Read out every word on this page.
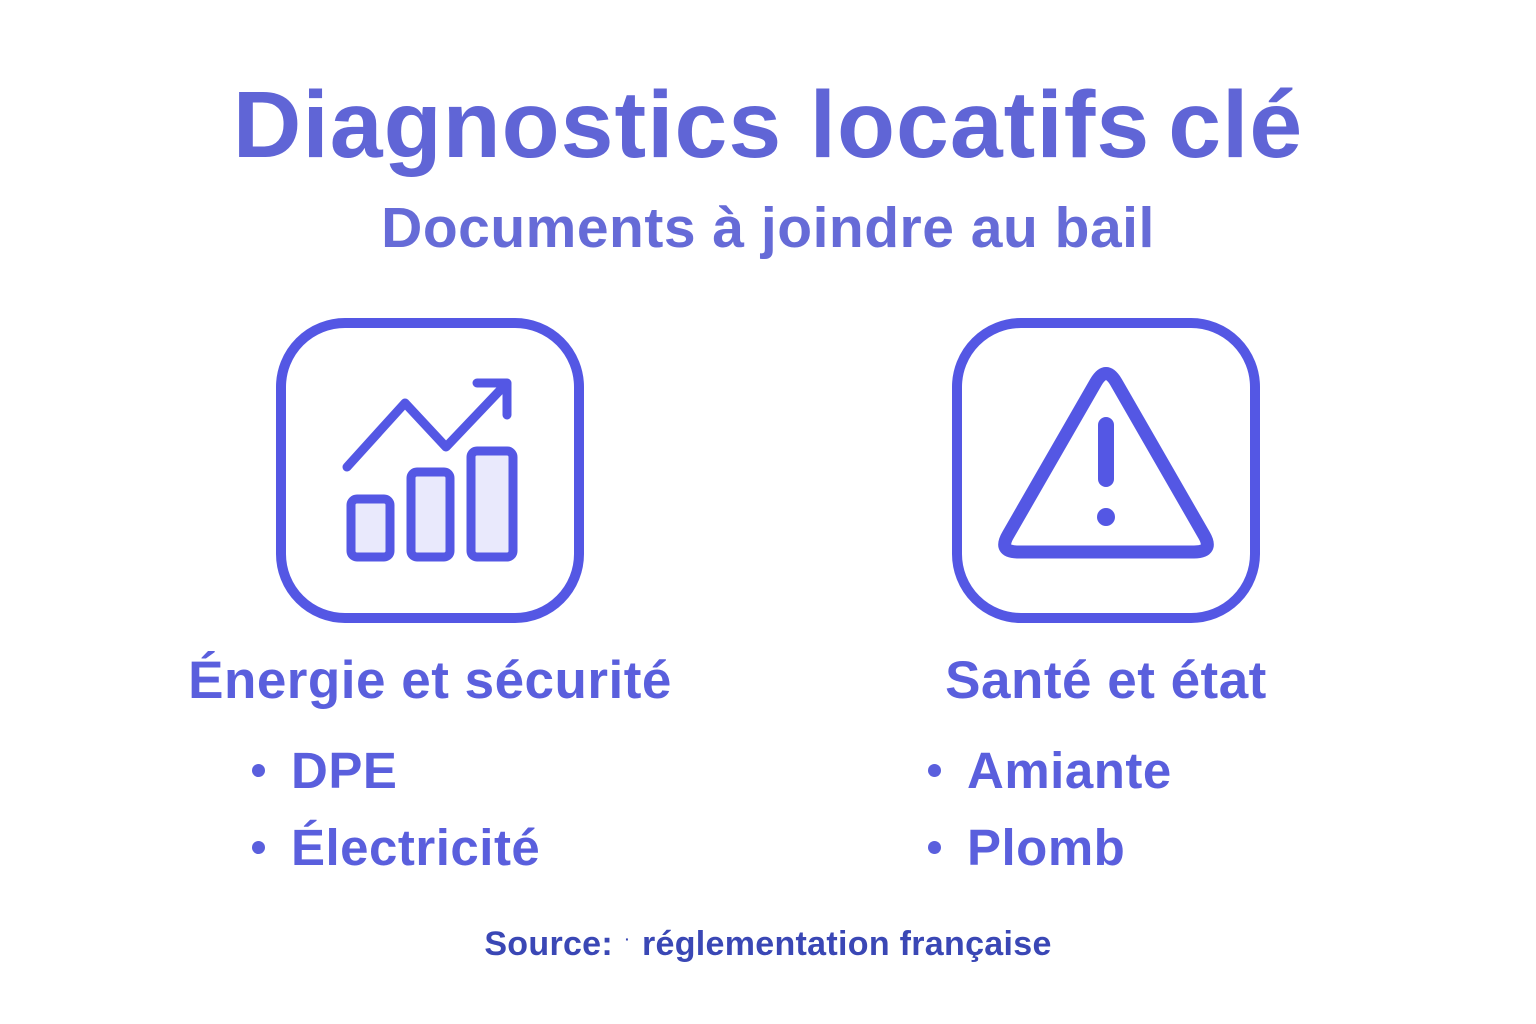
Diagnostics locatifs clé
Documents à joindre au bail
Énergie et sécurité
DPE
Électricité
Santé et état
Amiante
Plomb
Source: · réglementation française
